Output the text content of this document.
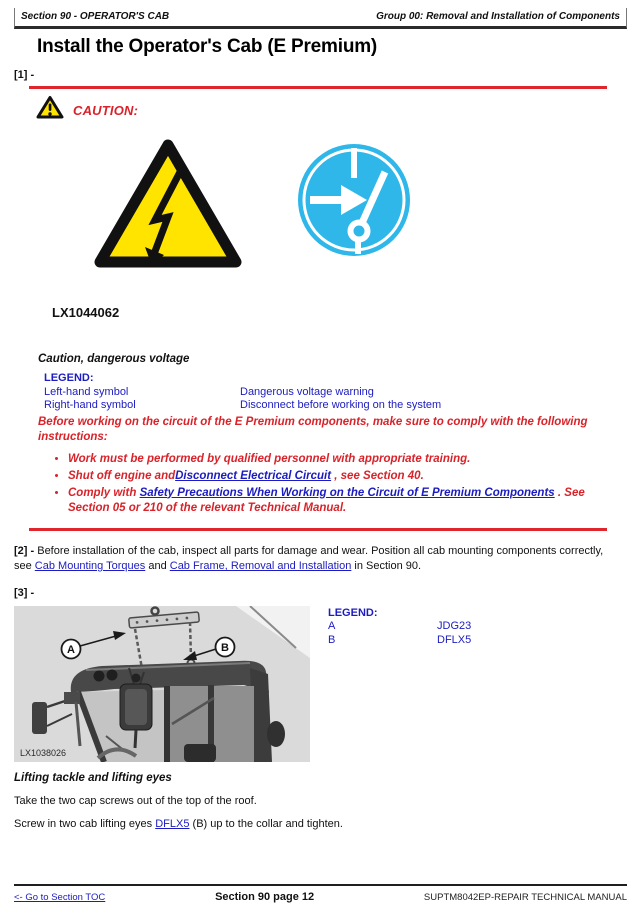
Section 90 - OPERATOR'S CAB	Group 00: Removal and Installation of Components
Install the Operator's Cab (E Premium)
[1] -
CAUTION:
LX1044062
Caution, dangerous voltage
LEGEND:
Left-hand symbol	Dangerous voltage warning
Right-hand symbol	Disconnect before working on the system
Before working on the circuit of the E Premium components, make sure to comply with the following instructions:
• Work must be performed by qualified personnel with appropriate training.
• Shut off engine andDisconnect Electrical Circuit , see Section 40.
• Comply with Safety Precautions When Working on the Circuit of E Premium Components . See Section 05 or 210 of the relevant Technical Manual.

[2] - Before installation of the cab, inspect all parts for damage and wear. Position all cab mounting components correctly, see Cab Mounting Torques and Cab Frame, Removal and Installation in Section 90.

[3] -
A	B
LX1038026
LEGEND:
A	JDG23
B	DFLX5
Lifting tackle and lifting eyes

Take the two cap screws out of the top of the roof.

Screw in two cab lifting eyes DFLX5 (B) up to the collar and tighten.

<- Go to Section TOC	Section 90 page 12	SUPTM8042EP-REPAIR TECHNICAL MANUAL
